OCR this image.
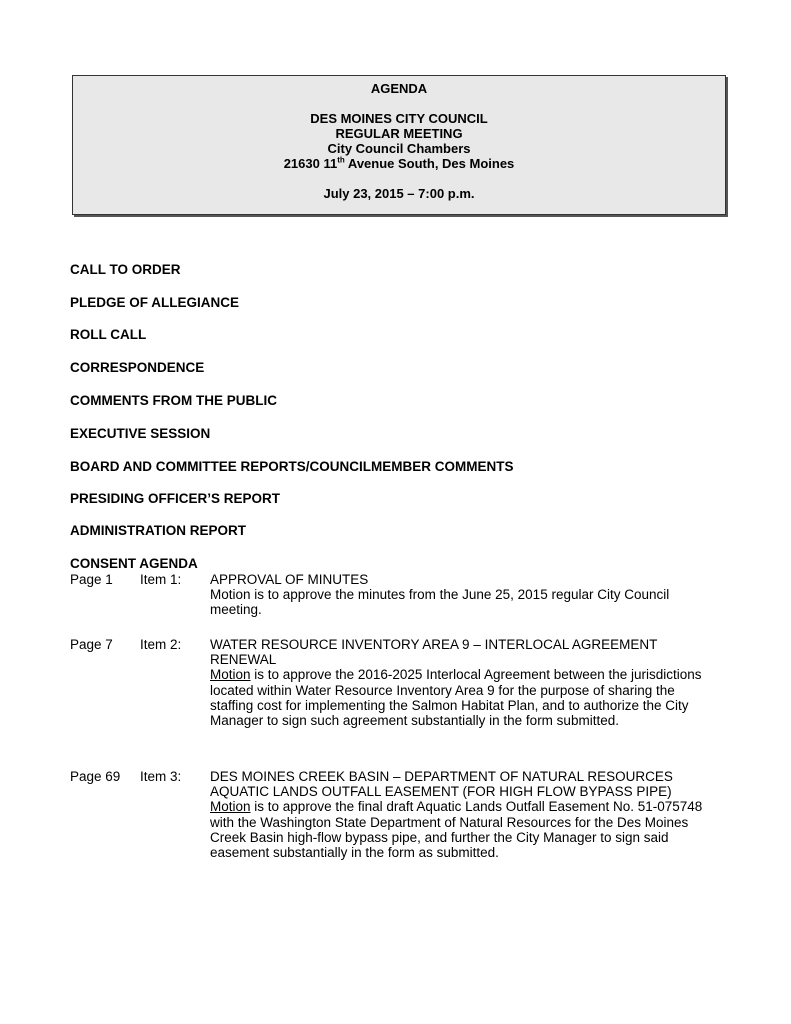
AGENDA
DES MOINES CITY COUNCIL
REGULAR MEETING
City Council Chambers
21630 11th Avenue South, Des Moines
July 23, 2015 – 7:00 p.m.
CALL TO ORDER
PLEDGE OF ALLEGIANCE
ROLL CALL
CORRESPONDENCE
COMMENTS FROM THE PUBLIC
EXECUTIVE SESSION
BOARD AND COMMITTEE REPORTS/COUNCILMEMBER COMMENTS
PRESIDING OFFICER’S REPORT
ADMINISTRATION REPORT
CONSENT AGENDA
Page 1 Item 1: APPROVAL OF MINUTES
Motion is to approve the minutes from the June 25, 2015 regular City Council meeting.
Page 7 Item 2: WATER RESOURCE INVENTORY AREA 9 – INTERLOCAL AGREEMENT RENEWAL
Motion is to approve the 2016-2025 Interlocal Agreement between the jurisdictions located within Water Resource Inventory Area 9 for the purpose of sharing the staffing cost for implementing the Salmon Habitat Plan, and to authorize the City Manager to sign such agreement substantially in the form submitted.
Page 69 Item 3: DES MOINES CREEK BASIN – DEPARTMENT OF NATURAL RESOURCES AQUATIC LANDS OUTFALL EASEMENT (FOR HIGH FLOW BYPASS PIPE)
Motion is to approve the final draft Aquatic Lands Outfall Easement No. 51-075748 with the Washington State Department of Natural Resources for the Des Moines Creek Basin high-flow bypass pipe, and further the City Manager to sign said easement substantially in the form as submitted.
